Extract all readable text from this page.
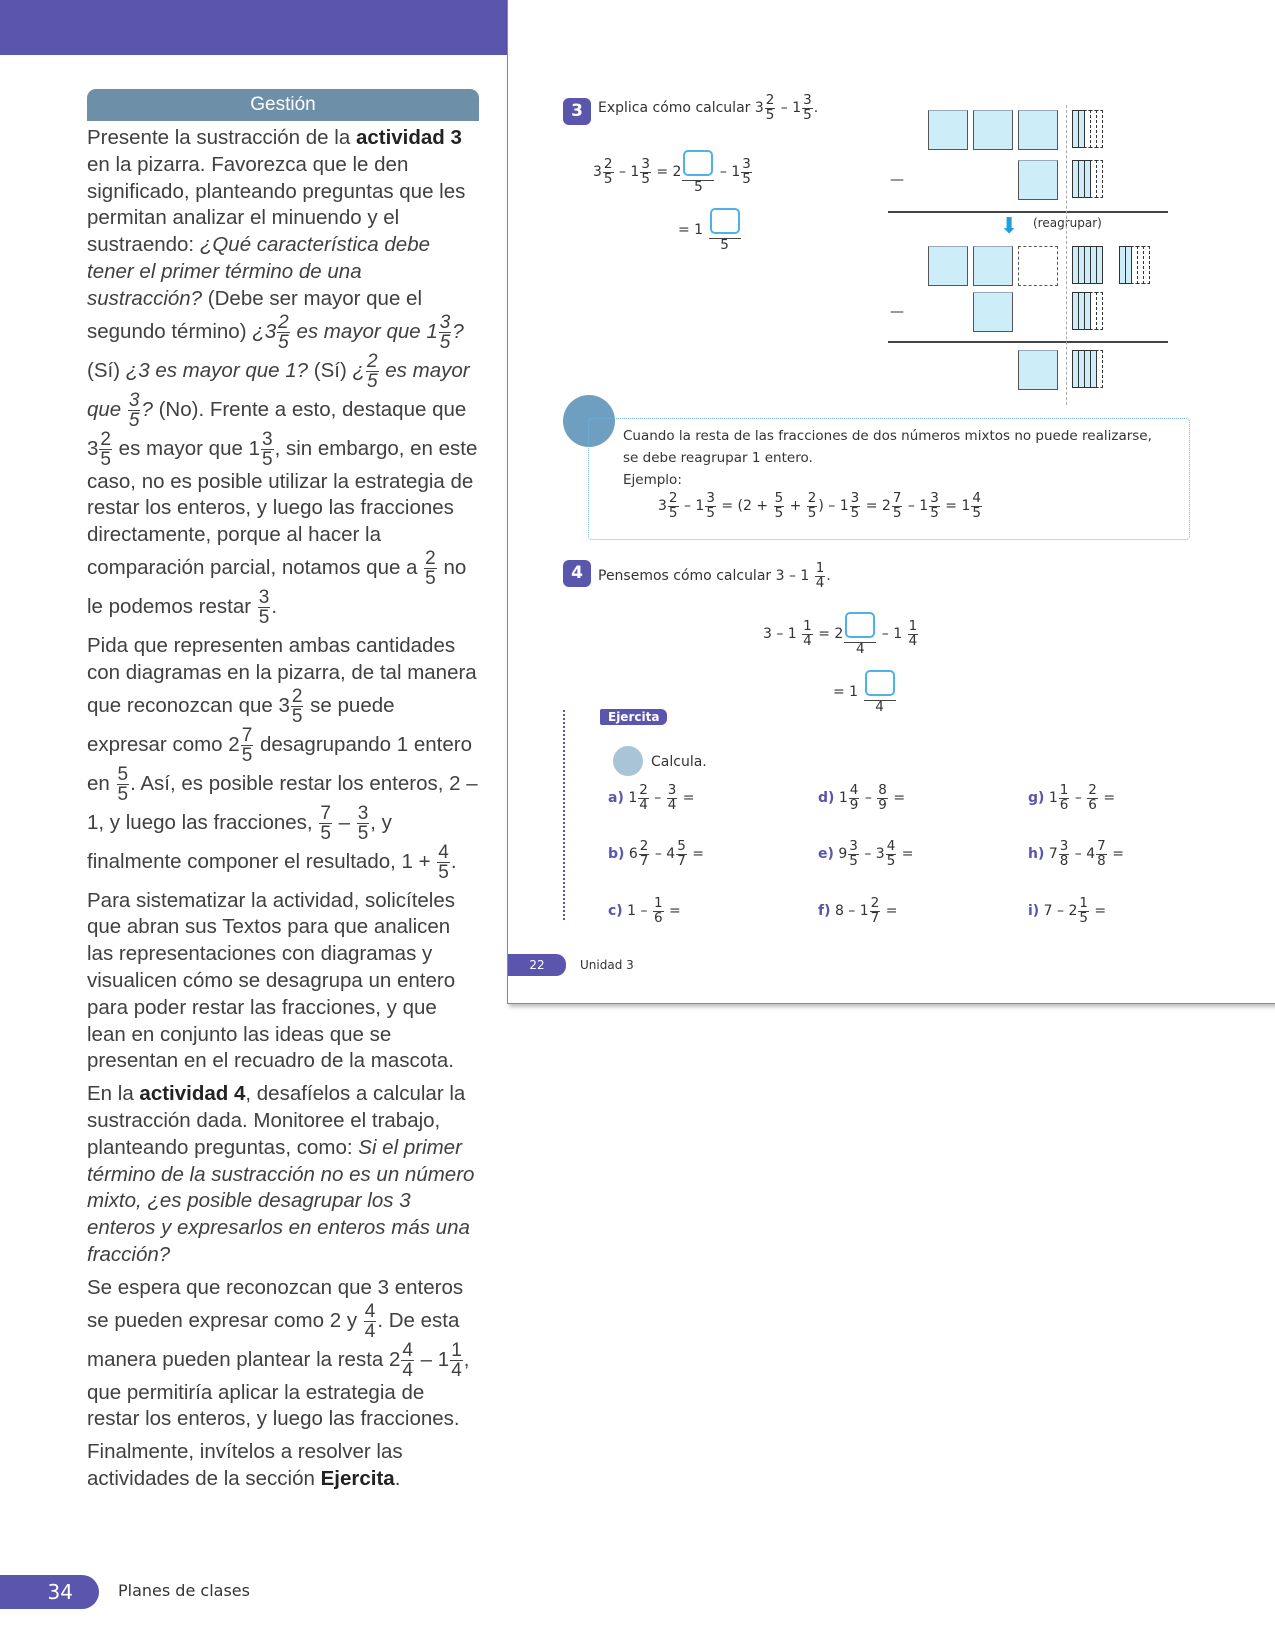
Gestión

Presente la sustracción de la actividad 3 en la pizarra. Favorezca que le den significado, planteando preguntas que les permitan analizar el minuendo y el sustraendo: ¿Qué característica debe tener el primer término de una sustracción? (Debe ser mayor que el segundo término) ¿$3 \frac{2}{5}$ es mayor que $1 \frac{3}{5}$ ? (Sí) ¿3 es mayor que 1? (Sí) ¿ $\frac{2}{5}$ es mayor que $\frac{3}{5}$ ? (No). Frente a esto, destaque que $3 \frac{2}{5}$ es mayor que $1 \frac{3}{5}$ , sin embargo, en este caso, no es posible utilizar la estrategia de restar los enteros, y luego las fracciones directamente, porque al hacer la comparación parcial, notamos que a $\frac{2}{5}$ no le podemos restar $\frac{3}{5}$ .

Pida que representen ambas cantidades con diagramas en la pizarra, de tal manera que reconozcan que $3 \frac{2}{5}$ se puede expresar como $2 \frac{7}{5}$ desagrupando 1 entero en $\frac{5}{5}$ . Así, es posible restar los enteros, 2 – 1, y luego las fracciones, $\frac{7}{5} - \frac{3}{5}$ , y finalmente componer el resultado, $1 + \frac{4}{5}$ .

Para sistematizar la actividad, solicíteles que abran sus Textos para que analicen las representaciones con diagramas y visualicen cómo se desagrupa un entero para poder restar las fracciones, y que lean en conjunto las ideas que se presentan en el recuadro de la mascota.

En la actividad 4, desafíelos a calcular la sustracción dada. Monitoree el trabajo, planteando preguntas, como: Si el primer término de la sustracción no es un número mixto, ¿es posible desagrupar los 3 enteros y expresarlos en enteros más una fracción?

Se espera que reconozcan que 3 enteros se pueden expresar como 2 y $\frac{4}{4}$ . De esta manera pueden plantear la resta $2 \frac{4}{4} - 1 \frac{1}{4}$ , que permitiría aplicar la estrategia de restar los enteros, y luego las fracciones.

Finalmente, invítelos a resolver las actividades de la sección Ejercita.

34	Planes de clases
3	Explica cómo calcular $3 \frac{2}{5} - 1 \frac{3}{5}$ .
$3 \frac{2}{5} - 1 \frac{3}{5} = 2$
5
– $1 \frac{3}{5}$
= 1
5
—
⬇ (reagrupar)
—
Cuando la resta de las fracciones de dos números mixtos no puede realizarse,
se debe reagrupar 1 entero.
Ejemplo:
$3 \frac{2}{5} - 1 \frac{3}{5} = (2 + \frac{5}{5} + \frac{2}{5}$ ) – $1 \frac{3}{5} = 2 \frac{7}{5} - 1 \frac{3}{5} = 1 \frac{4}{5}$
4	Pensemos cómo calcular $3 - 1 \frac{1}{4}$ .
$3 - 1 \frac{1}{4} = 2$
4
– $1 \frac{1}{4}$
= 1
4
Ejercita
Calcula.
a) $1 \frac{2}{4} - \frac{3}{4}$ =
b) $6 \frac{2}{7} - 4 \frac{5}{7}$ =
c) $1 - \frac{1}{6}$ =
d) $1 \frac{4}{9} - \frac{8}{9}$ =
e) $9 \frac{3}{5} - 3 \frac{4}{5}$ =
f) $8 - 1 \frac{2}{7}$ =
g) $1 \frac{1}{6} - \frac{2}{6}$ =
h) $7 \frac{3}{8} - 4 \frac{7}{8}$ =
i) $7 - 2 \frac{1}{5}$ =
22	Unidad 3
